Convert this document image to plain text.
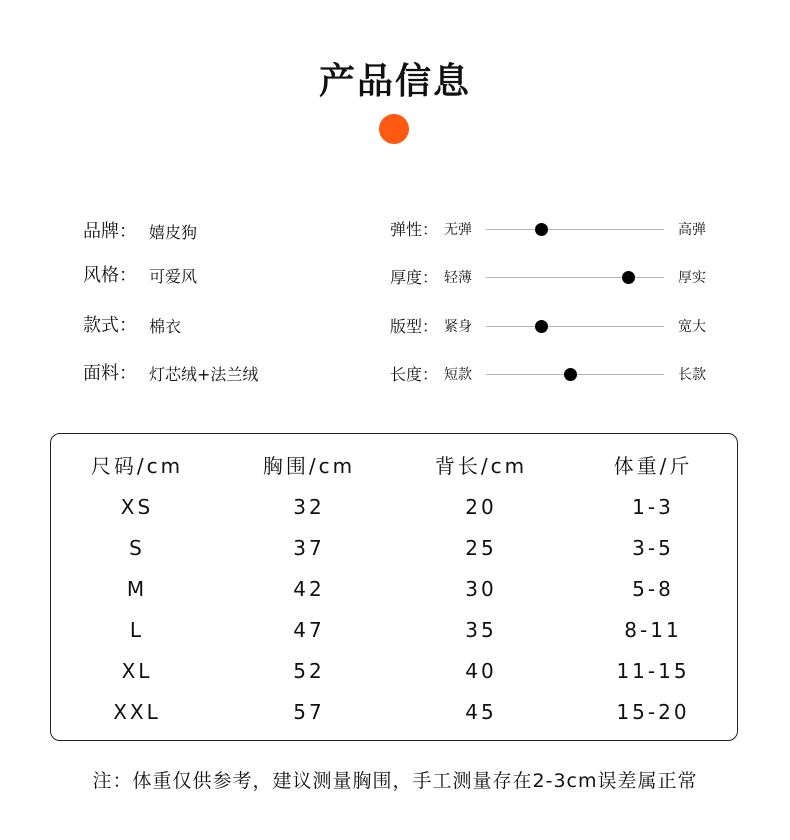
产品信息
品牌： 嬉皮狗
风格： 可爱风
款式： 棉衣
面料： 灯芯绒+法兰绒
弹性： 无弹	高弹
厚度： 轻薄	厚实
版型： 紧身	宽大
长度： 短款	长款
尺码/cm	胸围/cm	背长/cm	体重/斤
XS	32	20	1-3
S	37	25	3-5
M	42	30	5-8
L	47	35	8-11
XL	52	40	11-15
XXL	57	45	15-20
注：体重仅供参考，建议测量胸围，手工测量存在2-3cm误差属正常
